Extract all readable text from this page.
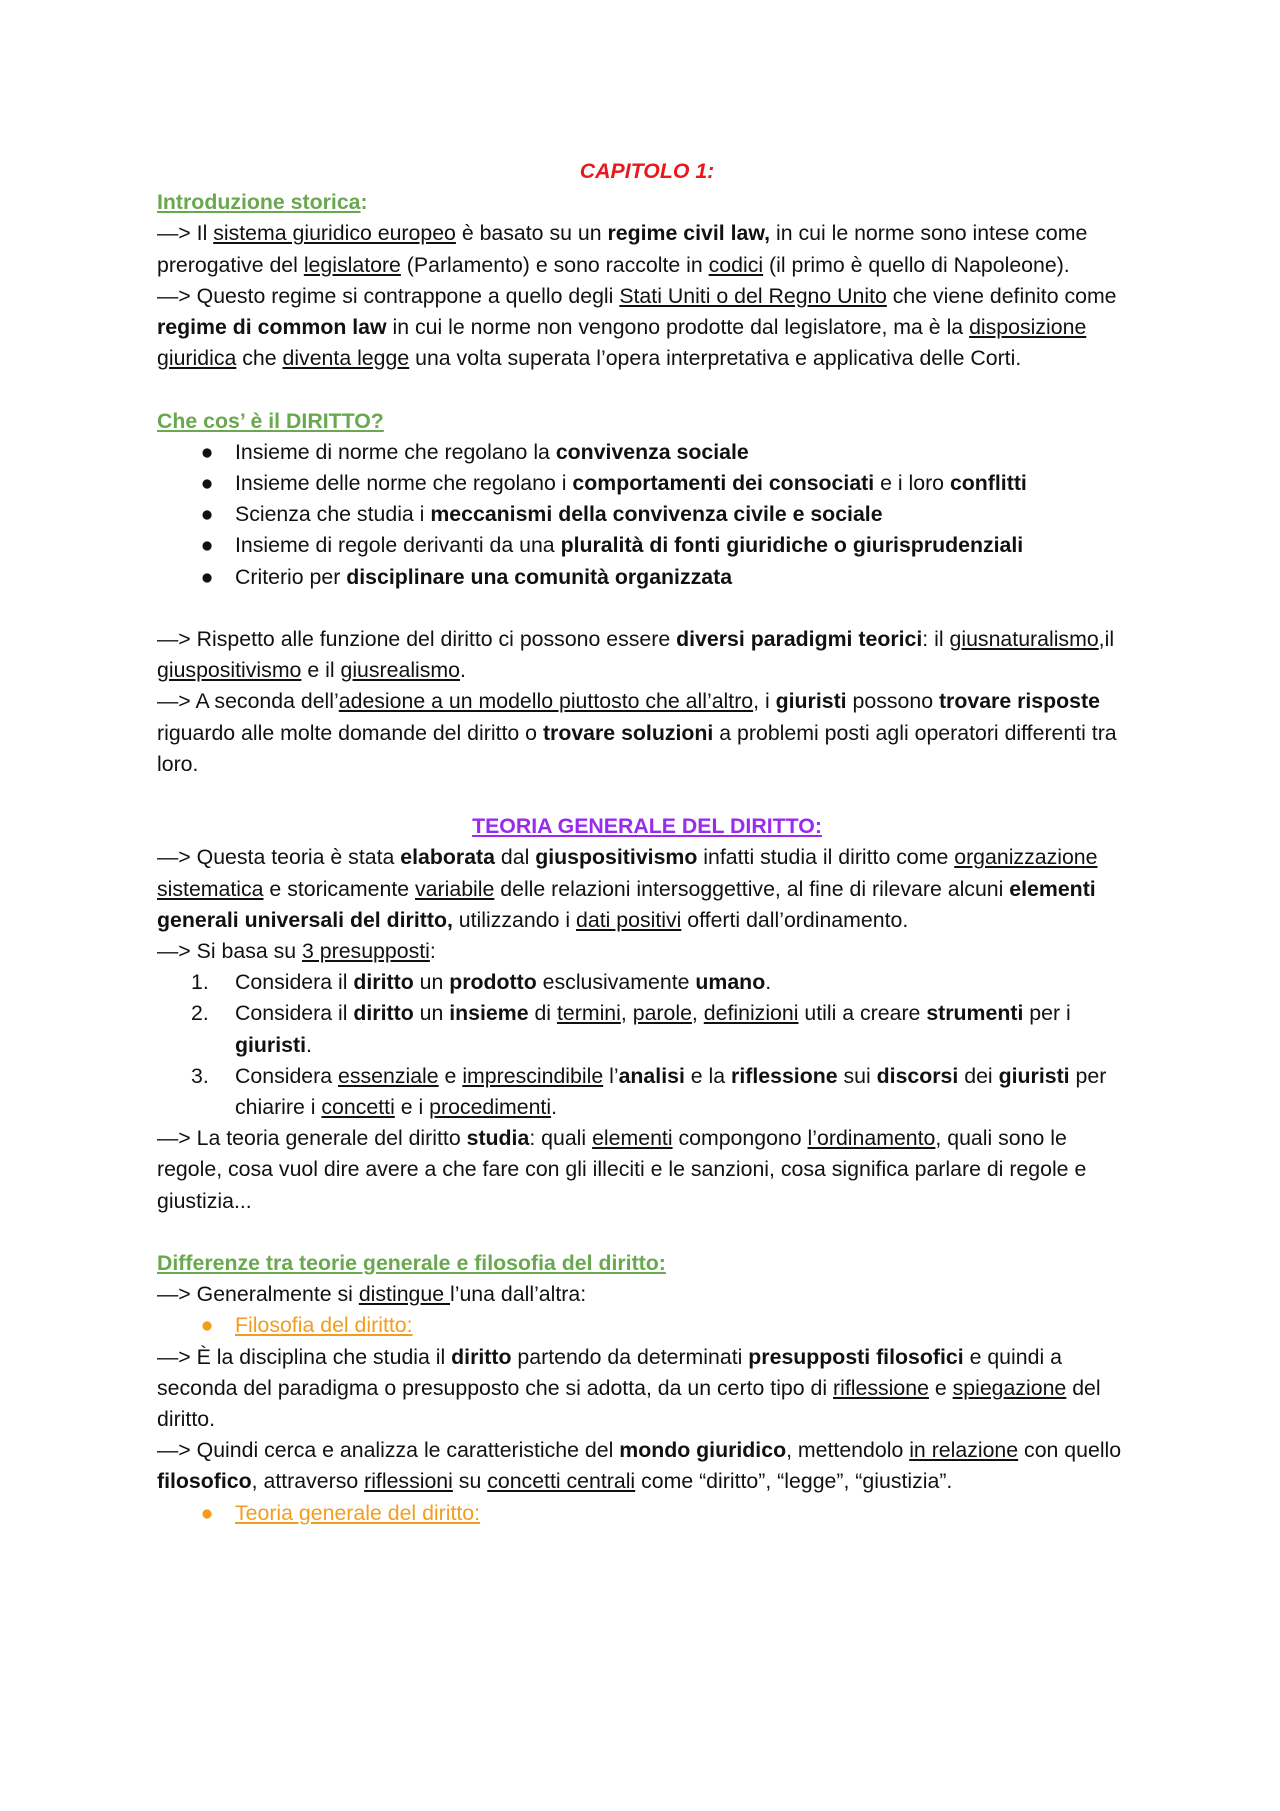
CAPITOLO 1:

Introduzione storica:

—> Il sistema giuridico europeo è basato su un regime civil law, in cui le norme sono intese come prerogative del legislatore (Parlamento) e sono raccolte in codici (il primo è quello di Napoleone).

—> Questo regime si contrappone a quello degli Stati Uniti o del Regno Unito che viene definito come regime di common law in cui le norme non vengono prodotte dal legislatore, ma è la disposizione giuridica che diventa legge una volta superata l’opera interpretativa e applicativa delle Corti.

Che cos’ è il DIRITTO?

● Insieme di norme che regolano la convivenza sociale
● Insieme delle norme che regolano i comportamenti dei consociati e i loro conflitti
● Scienza che studia i meccanismi della convivenza civile e sociale
● Insieme di regole derivanti da una pluralità di fonti giuridiche o giurisprudenziali
● Criterio per disciplinare una comunità organizzata

—> Rispetto alle funzione del diritto ci possono essere diversi paradigmi teorici: il giusnaturalismo,il giuspositivismo e il giusrealismo.

—> A seconda dell’adesione a un modello piuttosto che all’altro, i giuristi possono trovare risposte riguardo alle molte domande del diritto o trovare soluzioni a problemi posti agli operatori differenti tra loro.

TEORIA GENERALE DEL DIRITTO:

—> Questa teoria è stata elaborata dal giuspositivismo infatti studia il diritto come organizzazione sistematica e storicamente variabile delle relazioni intersoggettive, al fine di rilevare alcuni elementi generali universali del diritto, utilizzando i dati positivi offerti dall’ordinamento.

—> Si basa su 3 presupposti:

1.	Considera il diritto un prodotto esclusivamente umano.
2.	Considera il diritto un insieme di termini, parole, definizioni utili a creare strumenti per i giuristi.
3.	Considera essenziale e imprescindibile l’analisi e la riflessione sui discorsi dei giuristi per chiarire i concetti e i procedimenti.

—> La teoria generale del diritto studia: quali elementi compongono l’ordinamento, quali sono le regole, cosa vuol dire avere a che fare con gli illeciti e le sanzioni, cosa significa parlare di regole e giustizia...

Differenze tra teorie generale e filosofia del diritto:

—> Generalmente si distingue l’una dall’altra:

● Filosofia del diritto:

—> È la disciplina che studia il diritto partendo da determinati presupposti filosofici e quindi a seconda del paradigma o presupposto che si adotta, da un certo tipo di riflessione e spiegazione del diritto.

—> Quindi cerca e analizza le caratteristiche del mondo giuridico, mettendolo in relazione con quello filosofico, attraverso riflessioni su concetti centrali come “diritto”, “legge”, “giustizia”.

● Teoria generale del diritto:
